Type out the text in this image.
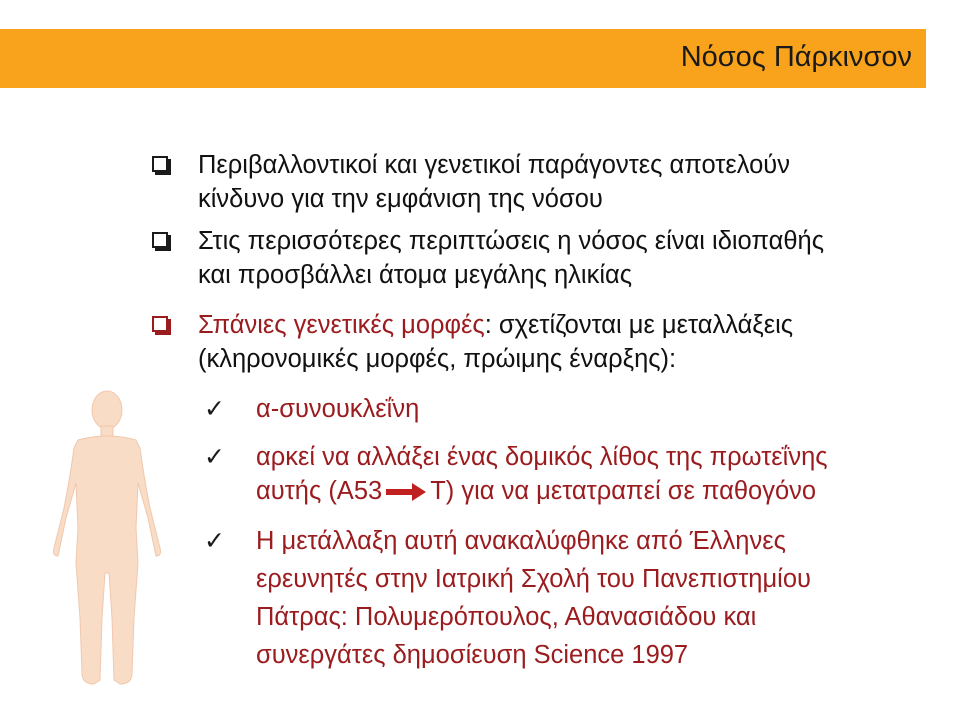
Νόσος Πάρκινσον
Περιβαλλοντικοί και γενετικοί παράγοντες αποτελούν
κίνδυνο για την εμφάνιση της νόσου
Στις περισσότερες περιπτώσεις η νόσος είναι ιδιοπαθής
και προσβάλλει άτομα μεγάλης ηλικίας
Σπάνιες γενετικές μορφές: σχετίζονται με μεταλλάξεις
(κληρονομικές μορφές, πρώιμης έναρξης):
✓ α-συνουκλεΐνη
✓ αρκεί να αλλάξει ένας δομικός λίθος της πρωτεΐνης
αυτής (A53 T) για να μετατραπεί σε παθογόνο
✓ Η μετάλλαξη αυτή ανακαλύφθηκε από Έλληνες
ερευνητές στην Ιατρική Σχολή του Πανεπιστημίου
Πάτρας: Πολυμερόπουλος, Αθανασιάδου και
συνεργάτες δημοσίευση Science 1997
